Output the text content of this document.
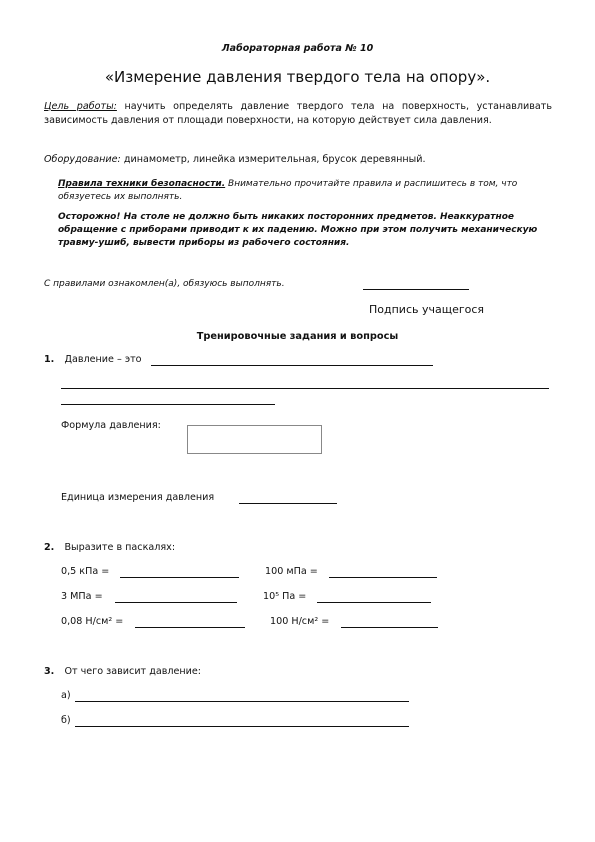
Лабораторная работа № 10
«Измерение давления твердого тела на опору».
Цель работы: научить определять давление твердого тела на поверхность, устанавливать зависимость давления от площади поверхности, на которую действует сила давления.
Оборудование: динамометр, линейка измерительная, брусок деревянный.
Правила техники безопасности. Внимательно прочитайте правила и распишитесь в том, что обязуетесь их выполнять.
Осторожно! На столе не должно быть никаких посторонних предметов. Неаккуратное обращение с приборами приводит к их падению. Можно при этом получить механическую травму-ушиб, вывести приборы из рабочего состояния.
С правилами ознакомлен(а), обязуюсь выполнять.
Подпись учащегося
Тренировочные задания и вопросы
1. Давление – это
Формула давления:
Единица измерения давления
2. Выразите в паскалях:
0,5 кПа =	100 мПа =
3 МПа =	10⁵ Па =
0,08 Н/см² =	100 Н/см² =
3. От чего зависит давление:
а)
б)
